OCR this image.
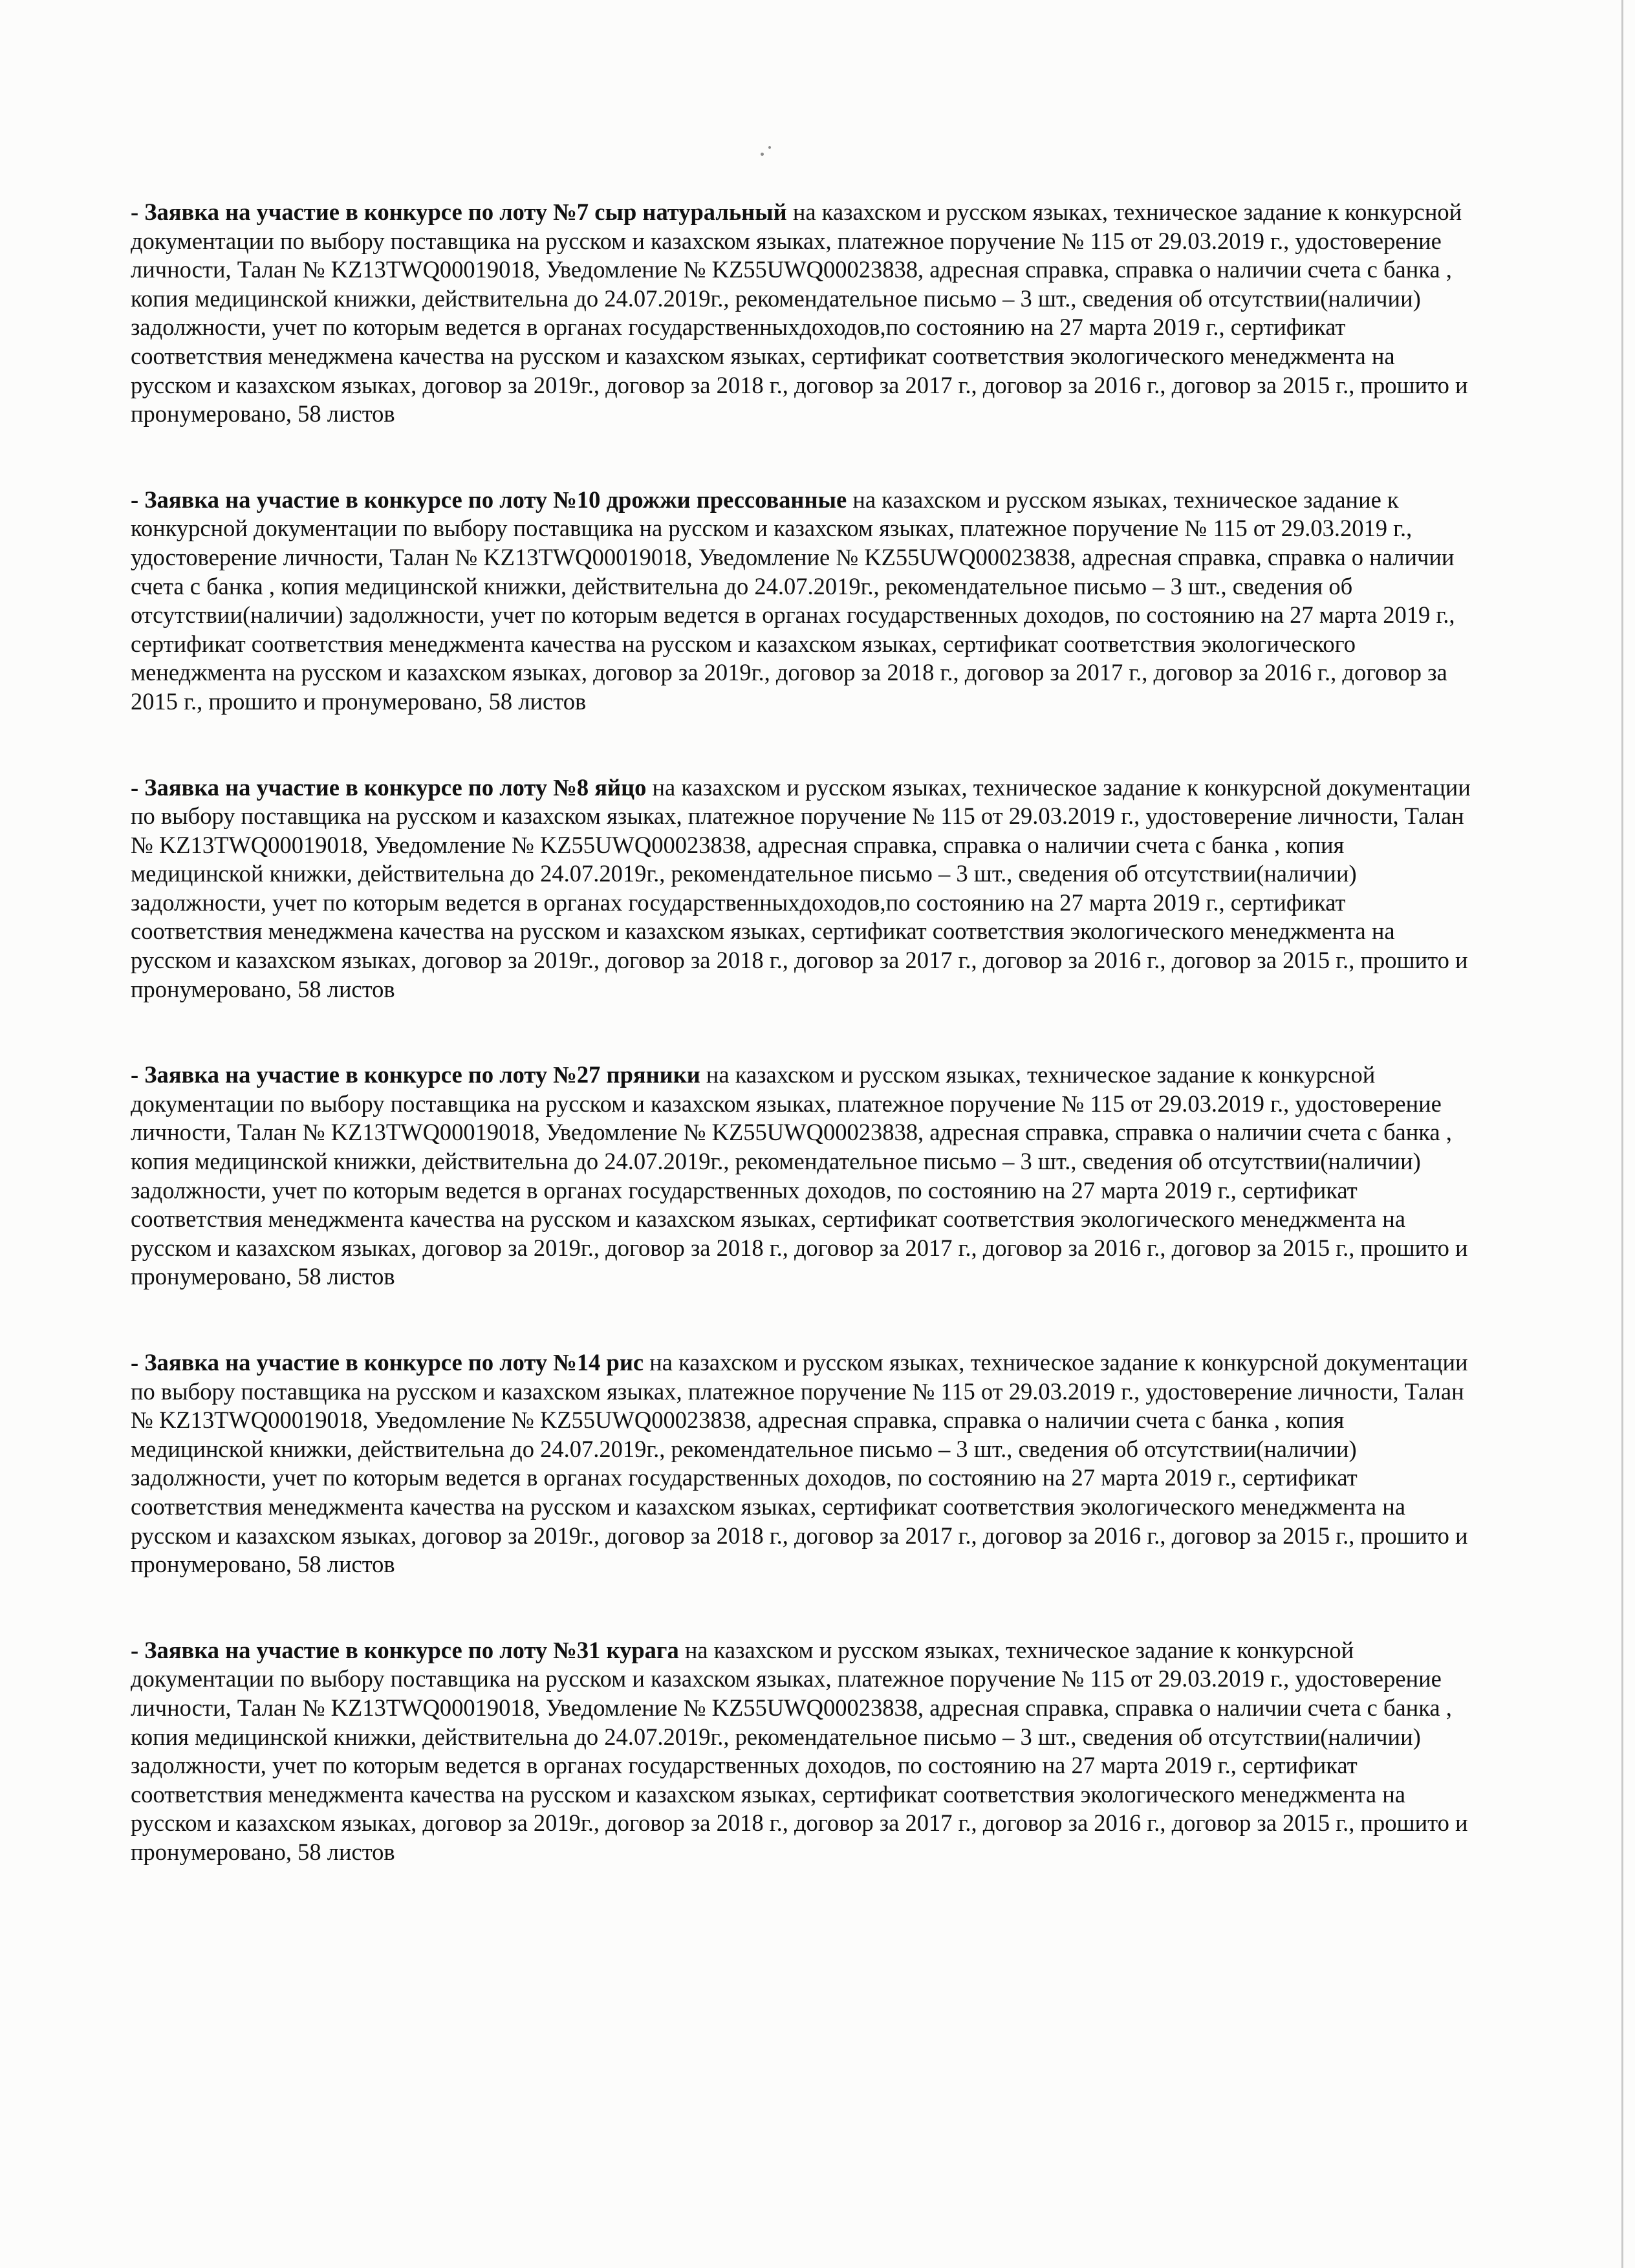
- Заявка на участие в конкурсе по лоту №7 сыр натуральный на казахском и русском языках, техническое задание к конкурсной документации по выбору поставщика на русском и казахском языках, платежное поручение № 115 от 29.03.2019 г., удостоверение личности, Талан № KZ13TWQ00019018, Уведомление № KZ55UWQ00023838, адресная справка, справка о наличии счета с банка , копия медицинской книжки, действительна до 24.07.2019г., рекомендательное письмо – 3 шт., сведения об отсутствии(наличии) задолжности, учет по которым ведется в органах государственныхдоходов,по состоянию на 27 марта 2019 г., сертификат соответствия менеджмена качества на русском и казахском языках, сертификат соответствия экологического менеджмента на русском и казахском языках, договор за 2019г., договор за 2018 г., договор за 2017 г., договор за 2016 г., договор за 2015 г., прошито и пронумеровано, 58 листов

- Заявка на участие в конкурсе по лоту №10 дрожжи прессованные на казахском и русском языках, техническое задание к конкурсной документации по выбору поставщика на русском и казахском языках, платежное поручение № 115 от 29.03.2019 г., удостоверение личности, Талан № KZ13TWQ00019018, Уведомление № KZ55UWQ00023838, адресная справка, справка о наличии счета с банка , копия медицинской книжки, действительна до 24.07.2019г., рекомендательное письмо – 3 шт., сведения об отсутствии(наличии) задолжности, учет по которым ведется в органах государственных доходов, по состоянию на 27 марта 2019 г., сертификат соответствия менеджмента качества на русском и казахском языках, сертификат соответствия экологического менеджмента на русском и казахском языках, договор за 2019г., договор за 2018 г., договор за 2017 г., договор за 2016 г., договор за 2015 г., прошито и пронумеровано, 58 листов

- Заявка на участие в конкурсе по лоту №8 яйцо на казахском и русском языках, техническое задание к конкурсной документации по выбору поставщика на русском и казахском языках, платежное поручение № 115 от 29.03.2019 г., удостоверение личности, Талан № KZ13TWQ00019018, Уведомление № KZ55UWQ00023838, адресная справка, справка о наличии счета с банка , копия медицинской книжки, действительна до 24.07.2019г., рекомендательное письмо – 3 шт., сведения об отсутствии(наличии) задолжности, учет по которым ведется в органах государственныхдоходов,по состоянию на 27 марта 2019 г., сертификат соответствия менеджмена качества на русском и казахском языках, сертификат соответствия экологического менеджмента на русском и казахском языках, договор за 2019г., договор за 2018 г., договор за 2017 г., договор за 2016 г., договор за 2015 г., прошито и пронумеровано, 58 листов

- Заявка на участие в конкурсе по лоту №27 пряники на казахском и русском языках, техническое задание к конкурсной документации по выбору поставщика на русском и казахском языках, платежное поручение № 115 от 29.03.2019 г., удостоверение личности, Талан № KZ13TWQ00019018, Уведомление № KZ55UWQ00023838, адресная справка, справка о наличии счета с банка , копия медицинской книжки, действительна до 24.07.2019г., рекомендательное письмо – 3 шт., сведения об отсутствии(наличии) задолжности, учет по которым ведется в органах государственных доходов, по состоянию на 27 марта 2019 г., сертификат соответствия менеджмента качества на русском и казахском языках, сертификат соответствия экологического менеджмента на русском и казахском языках, договор за 2019г., договор за 2018 г., договор за 2017 г., договор за 2016 г., договор за 2015 г., прошито и пронумеровано, 58 листов

- Заявка на участие в конкурсе по лоту №14 рис на казахском и русском языках, техническое задание к конкурсной документации по выбору поставщика на русском и казахском языках, платежное поручение № 115 от 29.03.2019 г., удостоверение личности, Талан № KZ13TWQ00019018, Уведомление № KZ55UWQ00023838, адресная справка, справка о наличии счета с банка , копия медицинской книжки, действительна до 24.07.2019г., рекомендательное письмо – 3 шт., сведения об отсутствии(наличии) задолжности, учет по которым ведется в органах государственных доходов, по состоянию на 27 марта 2019 г., сертификат соответствия менеджмента качества на русском и казахском языках, сертификат соответствия экологического менеджмента на русском и казахском языках, договор за 2019г., договор за 2018 г., договор за 2017 г., договор за 2016 г., договор за 2015 г., прошито и пронумеровано, 58 листов

- Заявка на участие в конкурсе по лоту №31 курага на казахском и русском языках, техническое задание к конкурсной документации по выбору поставщика на русском и казахском языках, платежное поручение № 115 от 29.03.2019 г., удостоверение личности, Талан № KZ13TWQ00019018, Уведомление № KZ55UWQ00023838, адресная справка, справка о наличии счета с банка , копия медицинской книжки, действительна до 24.07.2019г., рекомендательное письмо – 3 шт., сведения об отсутствии(наличии) задолжности, учет по которым ведется в органах государственных доходов, по состоянию на 27 марта 2019 г., сертификат соответствия менеджмента качества на русском и казахском языках, сертификат соответствия экологического менеджмента на русском и казахском языках, договор за 2019г., договор за 2018 г., договор за 2017 г., договор за 2016 г., договор за 2015 г., прошито и пронумеровано, 58 листов
